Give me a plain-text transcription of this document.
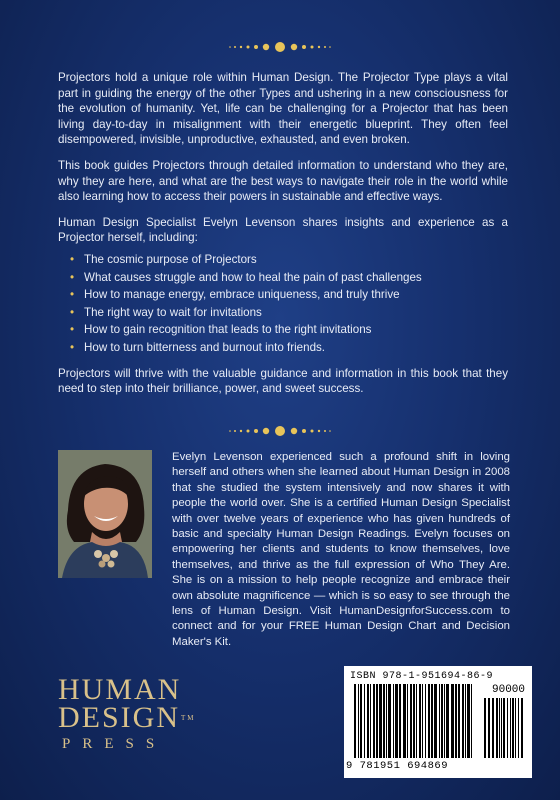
Projectors hold a unique role within Human Design. The Projector Type plays a vital part in guiding the energy of the other Types and ushering in a new consciousness for the evolution of humanity. Yet, life can be challenging for a Projector that has been living day-to-day in misalignment with their energetic blueprint. They often feel disempowered, invisible, unproductive, exhausted, and even broken.

This book guides Projectors through detailed information to understand who they are, why they are here, and what are the best ways to navigate their role in the world while also learning how to access their powers in sustainable and effective ways.

Human Design Specialist Evelyn Levenson shares insights and experience as a Projector herself, including:

• The cosmic purpose of Projectors
• What causes struggle and how to heal the pain of past challenges
• How to manage energy, embrace uniqueness, and truly thrive
• The right way to wait for invitations
• How to gain recognition that leads to the right invitations
• How to turn bitterness and burnout into friends.

Projectors will thrive with the valuable guidance and information in this book that they need to step into their brilliance, power, and sweet success.

Evelyn Levenson experienced such a profound shift in loving herself and others when she learned about Human Design in 2008 that she studied the system intensively and now shares it with people the world over. She is a certified Human Design Specialist with over twelve years of experience who has given hundreds of basic and specialty Human Design Readings. Evelyn focuses on empowering her clients and students to know themselves, love themselves, and thrive as the full expression of Who They Are. She is on a mission to help people recognize and embrace their own absolute magnificence — which is so easy to see through the lens of Human Design. Visit HumanDesignforSuccess.com to connect and for your FREE Human Design Chart and Decision Maker's Kit.
HUMAN
DESIGN™
PRESS
ISBN 978-1-951694-86-9
90000
9 781951 694869
